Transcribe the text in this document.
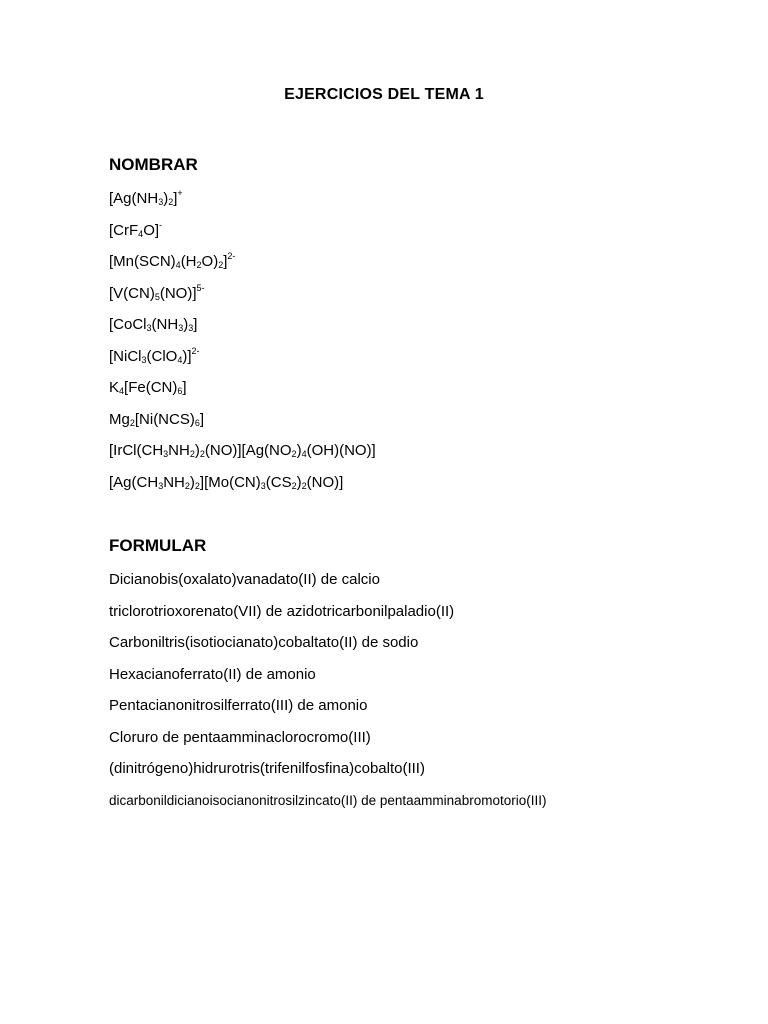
EJERCICIOS DEL TEMA 1
NOMBRAR
$[Ag(NH_3)_2]^+$
[CrF$_4$O]-
$[Mn(SCN)_4(H_2O)_2]^{2-}$
$[V(CN)_5(NO)]^{5-}$
$[CoCl_3(NH_3)_3]$
[NiCl$_3$(ClO$_4$)]$^{2-}$
$K_4[Fe(CN)_6]$
$Mg_2[Ni(NCS)_6]$
$[IrCl(CH_3NH_2)_2(NO)][Ag(NO_2)_4(OH)(NO)]$
$[Ag(CH_3NH_2)_2][Mo(CN)_3(CS_2)_2(NO)]$
FORMULAR
Dicianobis(oxalato)vanadato(II) de calcio
triclorotrioxorenato(VII) de azidotricarbonilpaladio(II)
Carboniltris(isotiocianato)cobaltato(II) de sodio
Hexacianoferrato(II) de amonio
Pentacianonitrosilferrato(III) de amonio
Cloruro de pentaamminaclorocromo(III)
(dinitrógeno)hidrurotris(trifenilfosfina)cobalto(III)
dicarbonildicianoisocianonitrosilzincato(II) de pentaamminabromotorio(III)
